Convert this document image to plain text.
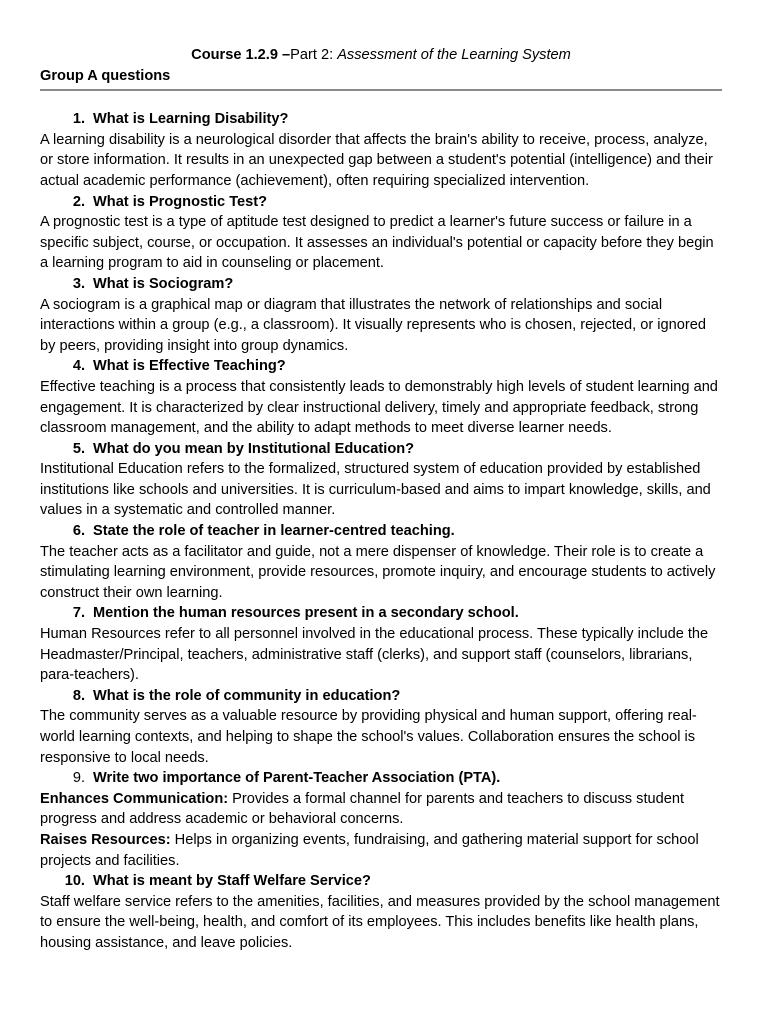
Course 1.2.9 –Part 2: Assessment of the Learning System
Group A questions
1. What is Learning Disability?

A learning disability is a neurological disorder that affects the brain's ability to receive, process, analyze, or store information. It results in an unexpected gap between a student's potential (intelligence) and their actual academic performance (achievement), often requiring specialized intervention.

2. What is Prognostic Test?

A prognostic test is a type of aptitude test designed to predict a learner's future success or failure in a specific subject, course, or occupation. It assesses an individual's potential or capacity before they begin a learning program to aid in counseling or placement.

3. What is Sociogram?

A sociogram is a graphical map or diagram that illustrates the network of relationships and social interactions within a group (e.g., a classroom). It visually represents who is chosen, rejected, or ignored by peers, providing insight into group dynamics.

4. What is Effective Teaching?

Effective teaching is a process that consistently leads to demonstrably high levels of student learning and engagement. It is characterized by clear instructional delivery, timely and appropriate feedback, strong classroom management, and the ability to adapt methods to meet diverse learner needs.

5. What do you mean by Institutional Education?

Institutional Education refers to the formalized, structured system of education provided by established institutions like schools and universities. It is curriculum-based and aims to impart knowledge, skills, and values in a systematic and controlled manner.

6. State the role of teacher in learner-centred teaching.

The teacher acts as a facilitator and guide, not a mere dispenser of knowledge. Their role is to create a stimulating learning environment, provide resources, promote inquiry, and encourage students to actively construct their own learning.

7. Mention the human resources present in a secondary school.

Human Resources refer to all personnel involved in the educational process. These typically include the Headmaster/Principal, teachers, administrative staff (clerks), and support staff (counselors, librarians, para-teachers).

8. What is the role of community in education?

The community serves as a valuable resource by providing physical and human support, offering real-world learning contexts, and helping to shape the school's values. Collaboration ensures the school is responsive to local needs.

9. Write two importance of Parent-Teacher Association (PTA).

Enhances Communication: Provides a formal channel for parents and teachers to discuss student progress and address academic or behavioral concerns.

Raises Resources: Helps in organizing events, fundraising, and gathering material support for school projects and facilities.

10. What is meant by Staff Welfare Service?

Staff welfare service refers to the amenities, facilities, and measures provided by the school management to ensure the well-being, health, and comfort of its employees. This includes benefits like health plans, housing assistance, and leave policies.
